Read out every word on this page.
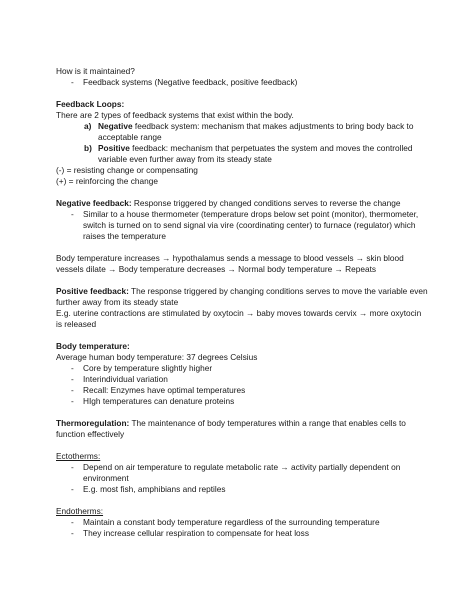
How is it maintained?
- Feedback systems (Negative feedback, positive feedback)
Feedback Loops:
There are 2 types of feedback systems that exist within the body.
a) Negative feedback system: mechanism that makes adjustments to bring body back to acceptable range
b) Positive feedback: mechanism that perpetuates the system and moves the controlled variable even further away from its steady state
(-) = resisting change or compensating
(+) = reinforcing the change
Negative feedback: Response triggered by changed conditions serves to reverse the change
- Similar to a house thermometer (temperature drops below set point (monitor), thermometer, switch is turned on to send signal via vire (coordinating center) to furnace (regulator) which raises the temperature
Body temperature increases → hypothalamus sends a message to blood vessels → skin blood vessels dilate → Body temperature decreases → Normal body temperature → Repeats
Positive feedback: The response triggered by changing conditions serves to move the variable even further away from its steady state
E.g. uterine contractions are stimulated by oxytocin → baby moves towards cervix → more oxytocin is released
Body temperature:
Average human body temperature: 37 degrees Celsius
- Core by temperature slightly higher
- Interindividual variation
- Recall: Enzymes have optimal temperatures
- HIgh temperatures can denature proteins
Thermoregulation: The maintenance of body temperatures within a range that enables cells to function effectively
Ectotherms:
- Depend on air temperature to regulate metabolic rate → activity partially dependent on environment
- E.g. most fish, amphibians and reptiles
Endotherms:
- Maintain a constant body temperature regardless of the surrounding temperature
- They increase cellular respiration to compensate for heat loss
